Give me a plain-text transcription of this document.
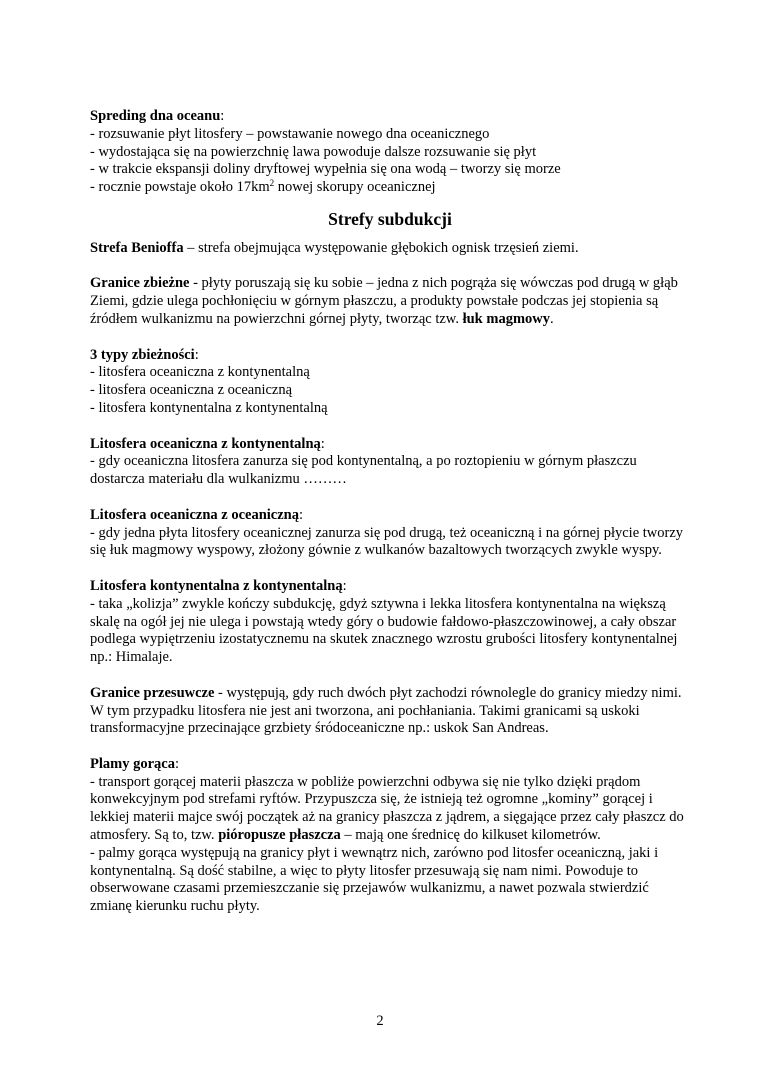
Spreding dna oceanu:

- rozsuwanie płyt litosfery – powstawanie nowego dna oceanicznego

- wydostająca się na powierzchnię lawa powoduje dalsze rozsuwanie się płyt

- w trakcie ekspansji doliny dryftowej wypełnia się ona wodą – tworzy się morze

- rocznie powstaje około $17km^2$ nowej skorupy oceanicznej

Strefy subdukcji

Strefa Benioffa – strefa obejmująca występowanie głębokich ognisk trzęsień ziemi.

Granice zbieżne - płyty poruszają się ku sobie – jedna z nich pogrąża się wówczas pod drugą w głąb Ziemi, gdzie ulega pochłonięciu w górnym płaszczu, a produkty powstałe podczas jej stopienia są źródłem wulkanizmu na powierzchni górnej płyty, tworząc tzw. łuk magmowy.

3 typy zbieżności:

- litosfera oceaniczna z kontynentalną

- litosfera oceaniczna z oceaniczną

- litosfera kontynentalna z kontynentalną

Litosfera oceaniczna z kontynentalną:

- gdy oceaniczna litosfera zanurza się pod kontynentalną, a po roztopieniu w górnym płaszczu dostarcza materiału dla wulkanizmu ………

Litosfera oceaniczna z oceaniczną:

- gdy jedna płyta litosfery oceanicznej zanurza się pod drugą, też oceaniczną i na górnej płycie tworzy się łuk magmowy wyspowy, złożony gównie z wulkanów bazaltowych tworzących zwykle wyspy.

Litosfera kontynentalna z kontynentalną:

- taka „kolizja” zwykle kończy subdukcję, gdyż sztywna i lekka litosfera kontynentalna na większą skalę na ogół jej nie ulega i powstają wtedy góry o budowie fałdowo-płaszczowinowej, a cały obszar podlega wypiętrzeniu izostatycznemu na skutek znacznego wzrostu grubości litosfery kontynentalnej np.: Himalaje.

Granice przesuwcze - występują, gdy ruch dwóch płyt zachodzi równolegle do granicy miedzy nimi. W tym przypadku litosfera nie jest ani tworzona, ani pochłaniania. Takimi granicami są uskoki transformacyjne przecinające grzbiety śródoceaniczne np.: uskok San Andreas.

Plamy gorąca:

- transport gorącej materii płaszcza w pobliże powierzchni odbywa się nie tylko dzięki prądom konwekcyjnym pod strefami ryftów. Przypuszcza się, że istnieją też ogromne „kominy” gorącej i lekkiej materii majce swój początek aż na granicy płaszcza z jądrem, a sięgające przez cały płaszcz do atmosfery. Są to, tzw. pióropusze płaszcza – mają one średnicę do kilkuset kilometrów.

- palmy gorąca występują na granicy płyt i wewnątrz nich, zarówno pod litosfer oceaniczną, jaki i kontynentalną. Są dość stabilne, a więc to płyty litosfer przesuwają się nam nimi. Powoduje to obserwowane czasami przemieszczanie się przejawów wulkanizmu, a nawet pozwala stwierdzić zmianę kierunku ruchu płyty.

2
